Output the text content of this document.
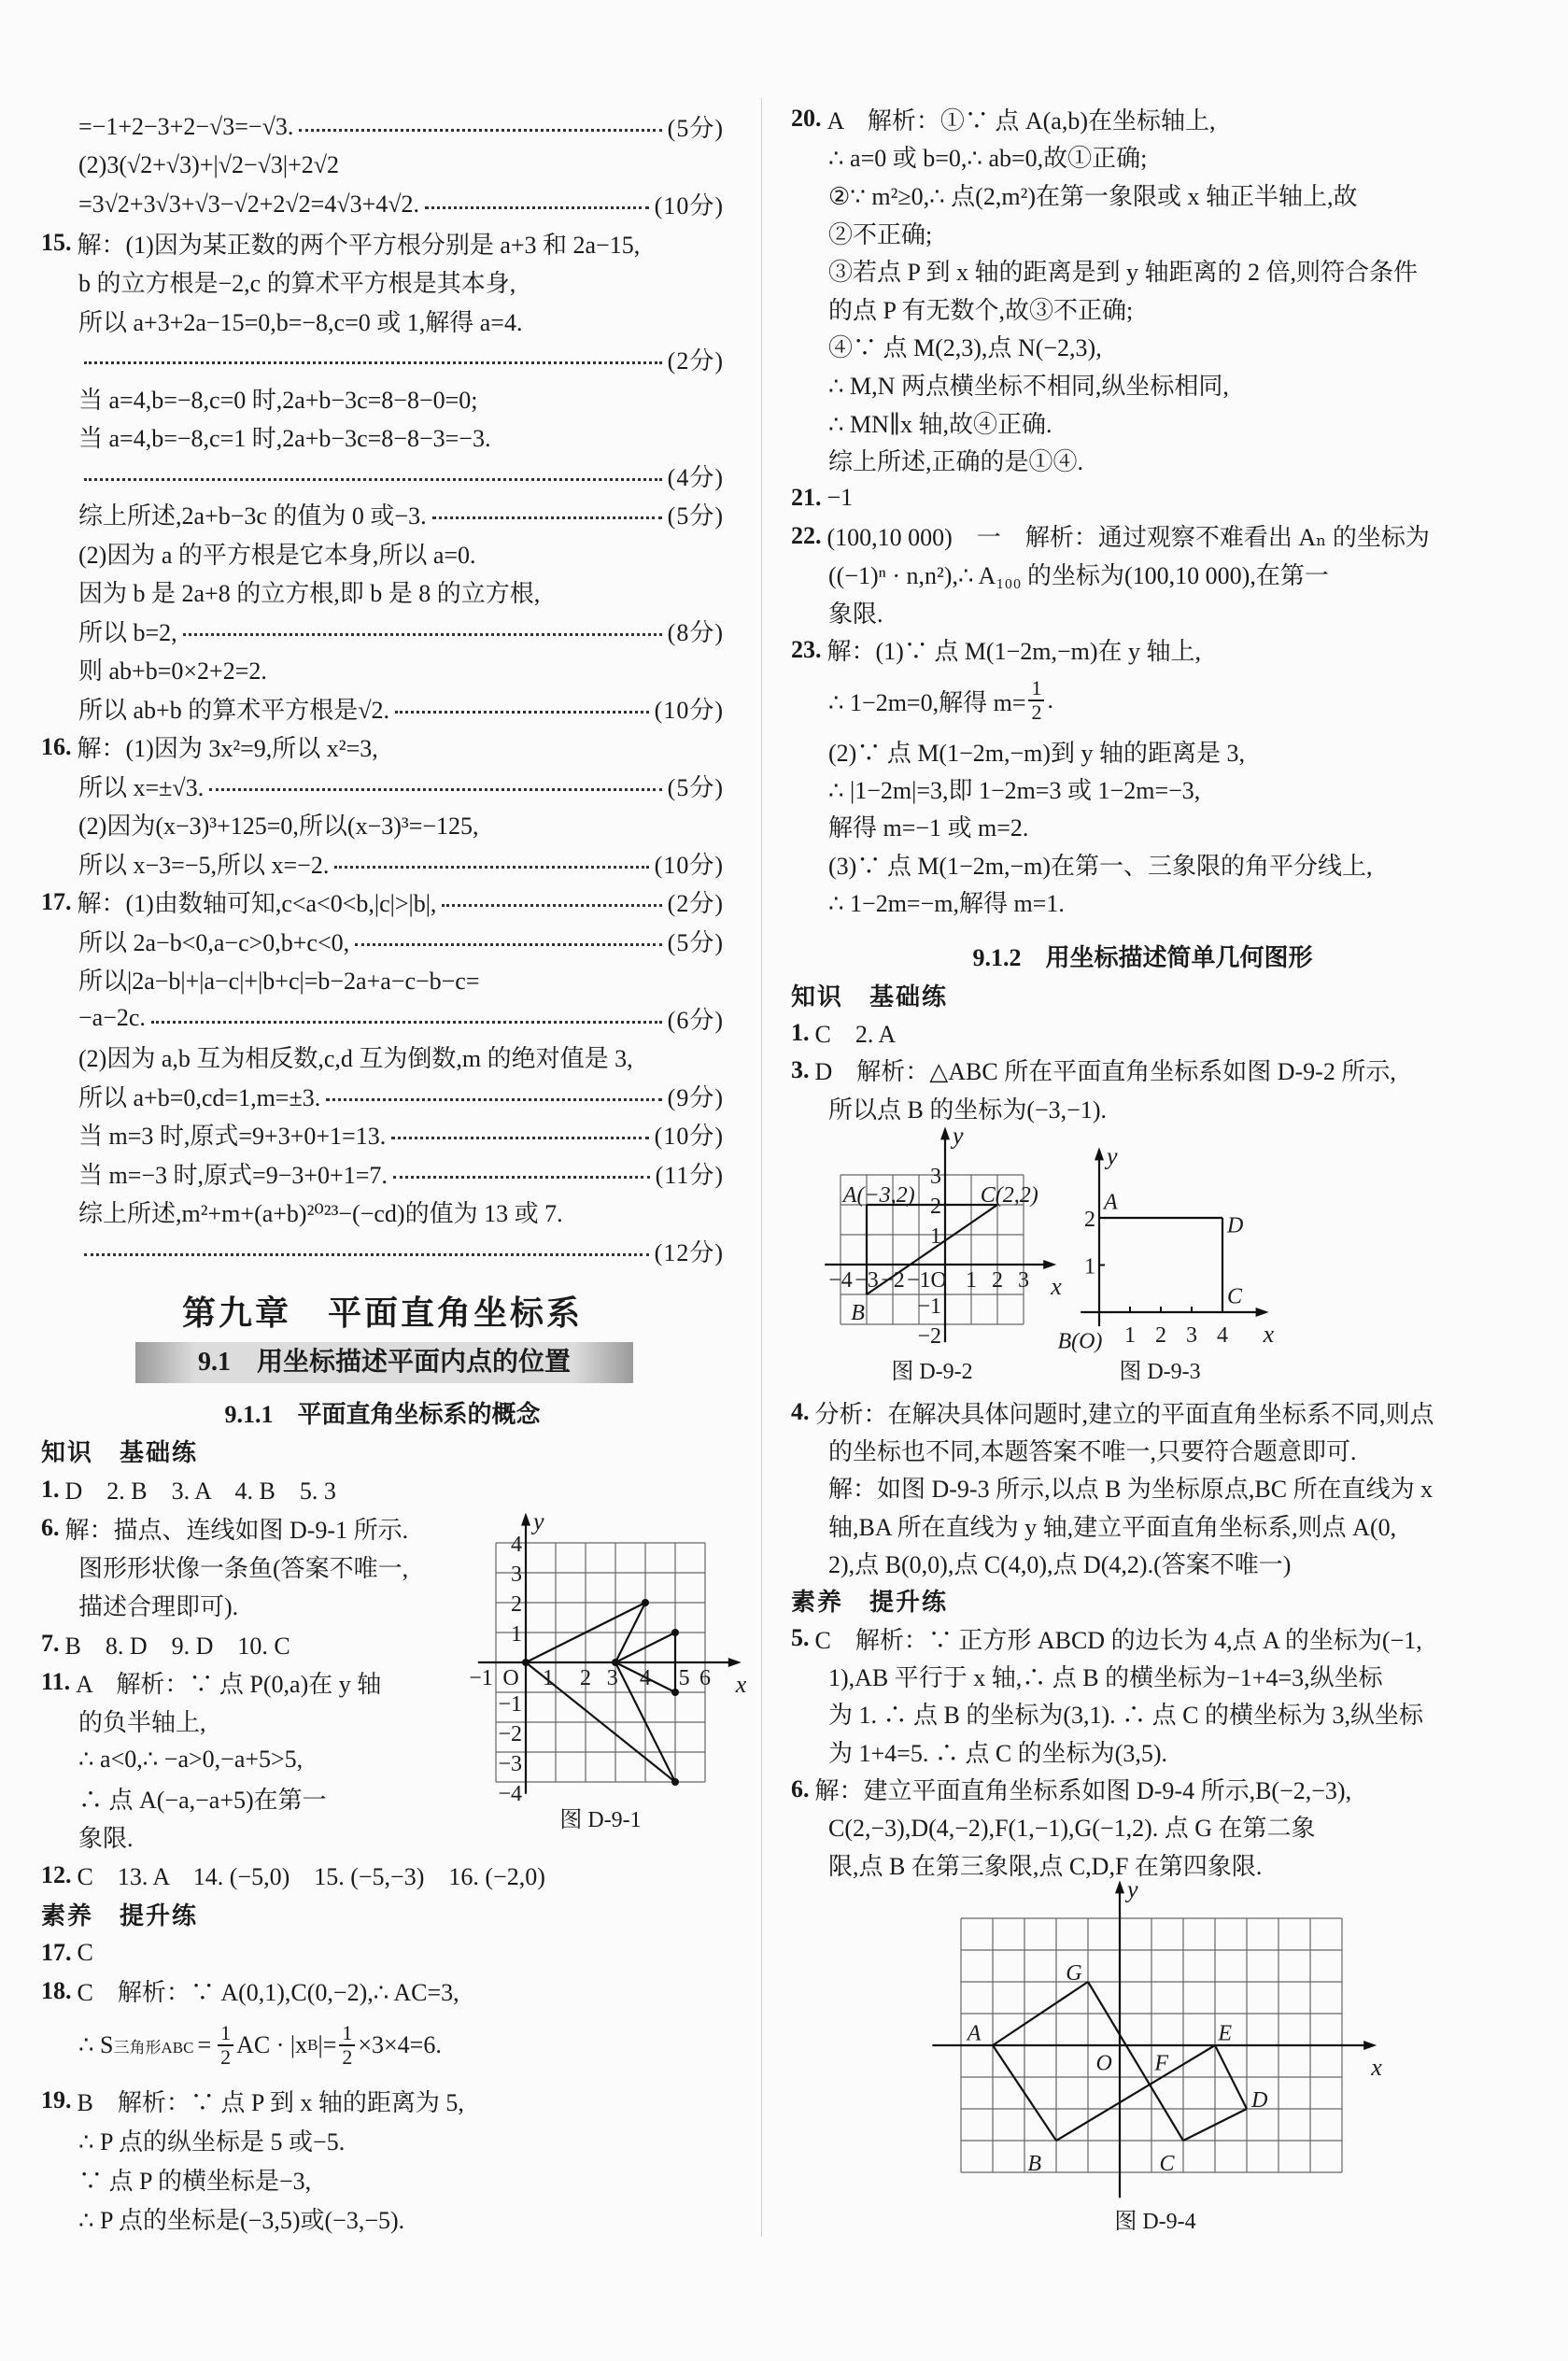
=−1+2−3+2−√3=−√3.	(5分)
(2)3(√2+√3)+|√2−√3|+2√2
=3√2+3√3+√3−√2+2√2=4√3+4√2.	(10分)
15. 解：(1)因为某正数的两个平方根分别是 a+3 和 2a−15,
b 的立方根是−2,c 的算术平方根是其本身,
所以 a+3+2a−15=0,b=−8,c=0 或 1,解得 a=4.
(2分)
当 a=4,b=−8,c=0 时,2a+b−3c=8−8−0=0;
当 a=4,b=−8,c=1 时,2a+b−3c=8−8−3=−3.
(4分)
综上所述,2a+b−3c 的值为 0 或−3.	(5分)
(2)因为 a 的平方根是它本身,所以 a=0.
因为 b 是 2a+8 的立方根,即 b 是 8 的立方根,
所以 b=2,	(8分)
则 ab+b=0×2+2=2.
所以 ab+b 的算术平方根是√2.	(10分)
16. 解：(1)因为 3x²=9,所以 x²=3,
所以 x=±√3.	(5分)
(2)因为(x−3)³+125=0,所以(x−3)³=−125,
所以 x−3=−5,所以 x=−2.	(10分)
17. 解：(1)由数轴可知,c<a<0<b,|c|>|b|,	(2分)
所以 2a−b<0,a−c>0,b+c<0,	(5分)
所以|2a−b|+|a−c|+|b+c|=b−2a+a−c−b−c=
−a−2c.	(6分)
(2)因为 a,b 互为相反数,c,d 互为倒数,m 的绝对值是 3,
所以 a+b=0,cd=1,m=±3.	(9分)
当 m=3 时,原式=9+3+0+1=13.	(10分)
当 m=−3 时,原式=9−3+0+1=7.	(11分)
综上所述,m²+m+(a+b)²⁰²³−(−cd)的值为 13 或 7.
(12分)
第九章　平面直角坐标系
9.1　用坐标描述平面内点的位置
9.1.1　平面直角坐标系的概念
知识　基础练
1. D　2. B　3. A　4. B　5. 3
6. 解：描点、连线如图 D-9-1 所示.
图形形状像一条鱼(答案不唯一,
描述合理即可).
7. B　8. D　9. D　10. C
11. A　解析：∵ 点 P(0,a)在 y 轴
的负半轴上,
∴ a<0,∴ −a>0,−a+5>5,
∴ 点 A(−a,−a+5)在第一
象限.
12. C　13. A　14. (−5,0)　15. (−5,−3)　16. (−2,0)
素养　提升练
17. C
18. C　解析：∵ A(0,1),C(0,−2),∴ AC=3,
∴ S 三角形ABC = $\frac{1}{2}$ AC · |x B |= $\frac{1}{2} \times 3\times 4=6$.
19. B　解析：∵ 点 P 到 x 轴的距离为 5,
∴ P 点的纵坐标是 5 或−5.
∵ 点 P 的横坐标是−3,
∴ P 点的坐标是(−3,5)或(−3,−5).
20. A　解析：①∵ 点 A(a,b)在坐标轴上,
∴ a=0 或 b=0,∴ ab=0,故①正确;
②∵ m²≥0,∴ 点(2,m²)在第一象限或 x 轴正半轴上,故
②不正确;
③若点 P 到 x 轴的距离是到 y 轴距离的 2 倍,则符合条件
的点 P 有无数个,故③不正确;
④∵ 点 M(2,3),点 N(−2,3),
∴ M,N 两点横坐标不相同,纵坐标相同,
∴ MN∥x 轴,故④正确.
综上所述,正确的是①④.
21. −1
22. (100,10 000)　一　解析：通过观察不难看出 Aₙ 的坐标为
((−1)ⁿ · n,n²),∴ A₁₀₀ 的坐标为(100,10 000),在第一
象限.
23. 解：(1)∵ 点 M(1−2m,−m)在 y 轴上,
∴ 1−2m=0,解得 $m= \frac{1}{2}$ .
(2)∵ 点 M(1−2m,−m)到 y 轴的距离是 3,
∴ |1−2m|=3,即 1−2m=3 或 1−2m=−3,
解得 m=−1 或 m=2.
(3)∵ 点 M(1−2m,−m)在第一、三象限的角平分线上,
∴ 1−2m=−m,解得 m=1.
9.1.2　用坐标描述简单几何图形
知识　基础练
1. C　2. A
3. D　解析：△ABC 所在平面直角坐标系如图 D-9-2 所示,
所以点 B 的坐标为(−3,−1).
4. 分析：在解决具体问题时,建立的平面直角坐标系不同,则点
的坐标也不同,本题答案不唯一,只要符合题意即可.
解：如图 D-9-3 所示,以点 B 为坐标原点,BC 所在直线为 x
轴,BA 所在直线为 y 轴,建立平面直角坐标系,则点 A(0,
2),点 B(0,0),点 C(4,0),点 D(4,2).(答案不唯一)
素养　提升练
5. C　解析：∵ 正方形 ABCD 的边长为 4,点 A 的坐标为(−1,
1),AB 平行于 x 轴,∴ 点 B 的横坐标为−1+4=3,纵坐标
为 1. ∴ 点 B 的坐标为(3,1). ∴ 点 C 的横坐标为 3,纵坐标
为 1+4=5. ∴ 点 C 的坐标为(3,5).
6. 解：建立平面直角坐标系如图 D-9-4 所示,B(−2,−3),
C(2,−3),D(4,−2),F(1,−1),G(−1,2). 点 G 在第二象
限,点 B 在第三象限,点 C,D,F 在第四象限.
x
y
−1 O 1 2 3 4 5 6
4
3
2
1
−1
−2
−3
−4
图 D-9-1
x
y
−4 −3 −2 −1O 1 2 3
3
2
1
−1
−2
A(−3,2)	C(2,2)
B
图 D-9-2
x
y
1 2 3 4
2
1
A
D
C
B(O)
图 D-9-3
x
y
A
B	C
D
E
F
G
O
图 D-9-4
